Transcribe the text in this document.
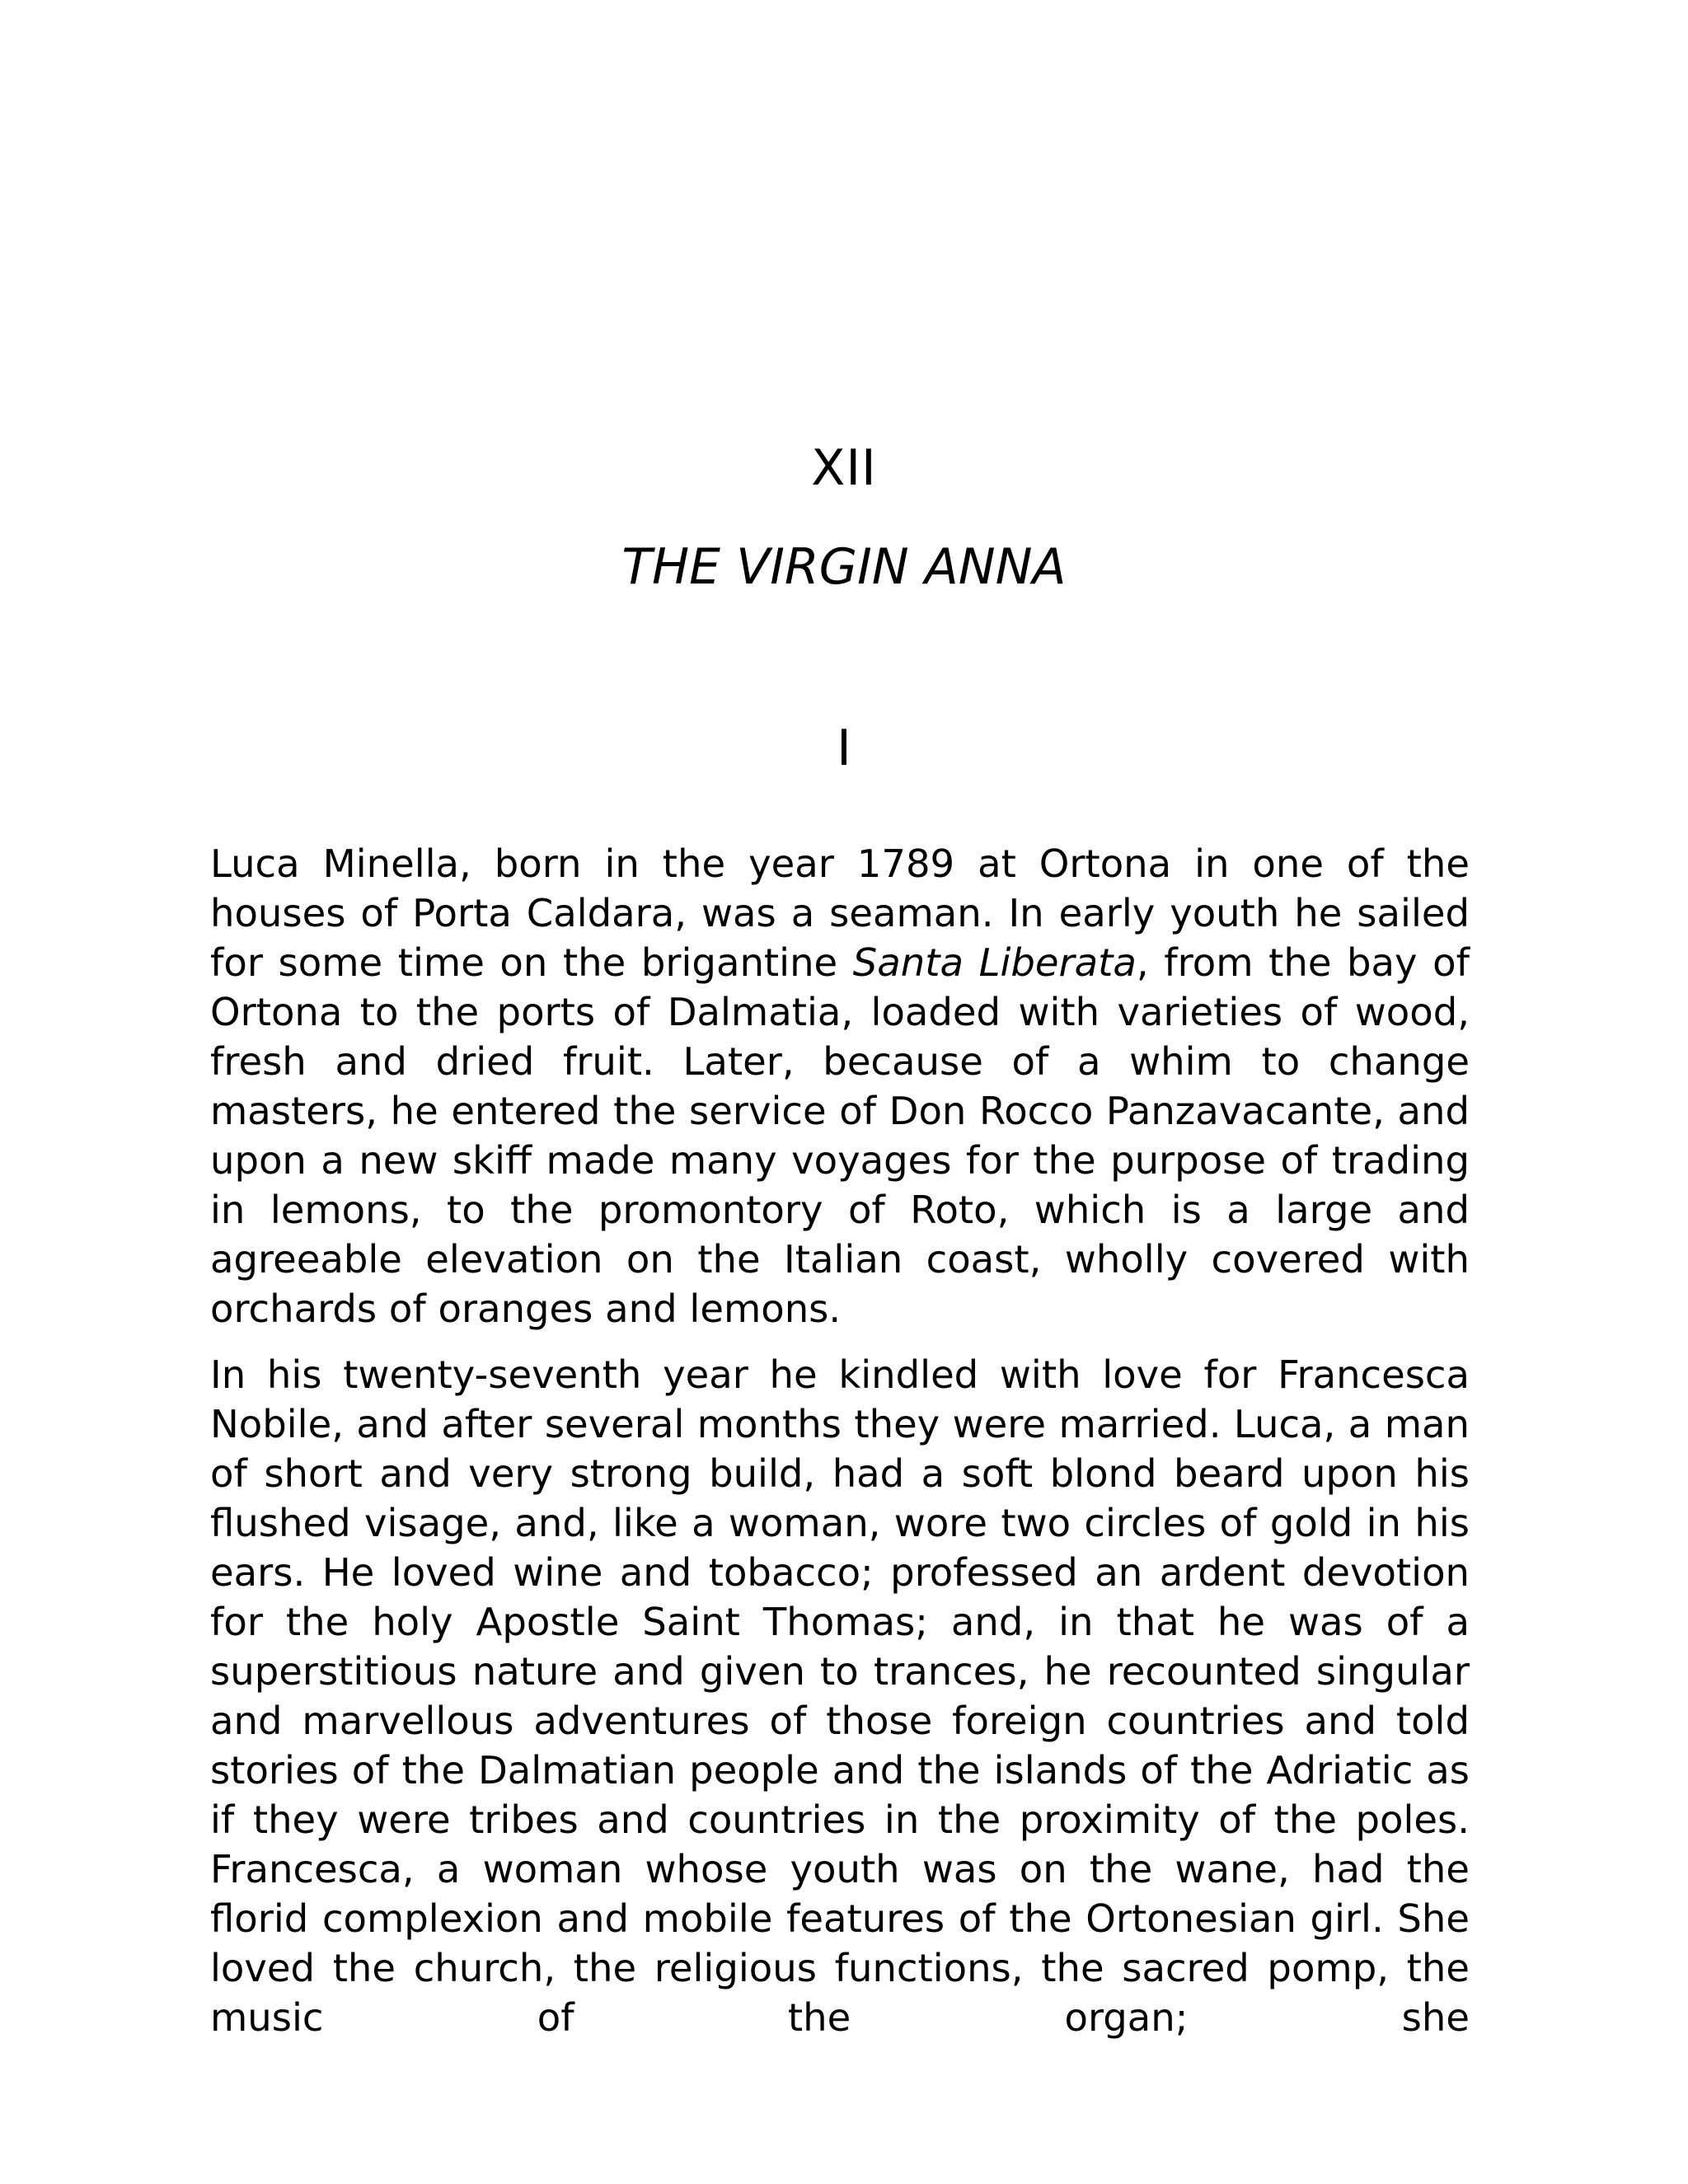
XII
THE VIRGIN ANNA
I

Luca Minella, born in the year 1789 at Ortona in one of the houses of Porta Caldara, was a seaman. In early youth he sailed for some time on the brigantine Santa Liberata, from the bay of Ortona to the ports of Dalmatia, loaded with varieties of wood, fresh and dried fruit. Later, because of a whim to change masters, he entered the service of Don Rocco Panzavacante, and upon a new skiff made many voyages for the purpose of trading in lemons, to the promontory of Roto, which is a large and agreeable elevation on the Italian coast, wholly covered with orchards of oranges and lemons.

In his twenty-seventh year he kindled with love for Francesca Nobile, and after several months they were married. Luca, a man of short and very strong build, had a soft blond beard upon his flushed visage, and, like a woman, wore two circles of gold in his ears. He loved wine and tobacco; professed an ardent devotion for the holy Apostle Saint Thomas; and, in that he was of a superstitious nature and given to trances, he recounted singular and marvellous adventures of those foreign countries and told stories of the Dalmatian people and the islands of the Adriatic as if they were tribes and countries in the proximity of the poles. Francesca, a woman whose youth was on the wane, had the florid complexion and mobile features of the Ortonesian girl. She loved the church, the religious functions, the sacred pomp, the music of the organ; she
